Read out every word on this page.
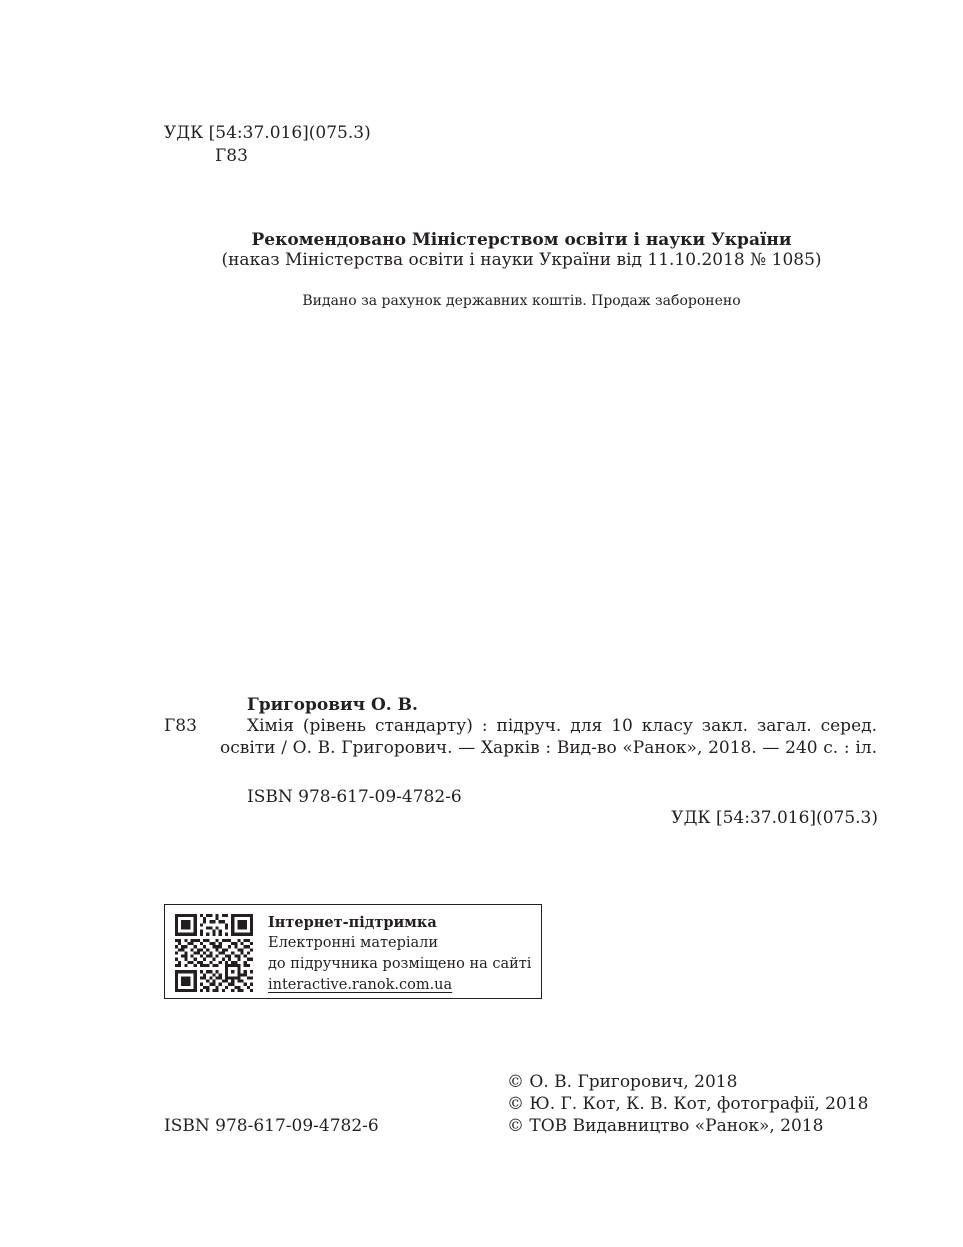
УДК [54:37.016](075.3)
Г83
Рекомендовано Міністерством освіти і науки України
(наказ Міністерства освіти і науки України від 11.10.2018 № 1085)
Видано за рахунок державних коштів. Продаж заборонено
Григорович О. В.
Г83	Хімія (рівень стандарту) : підруч. для 10 класу закл. загал. серед.
освіти / О. В. Григорович. — Харків : Вид-во «Ранок», 2018. — 240 с. : іл.
ISBN 978-617-09-4782-6
УДК [54:37.016](075.3)
Інтернет-підтримка
Електронні матеріали
до підручника розміщено на сайті
interactive.ranok.com.ua
ISBN 978-617-09-4782-6
© О. В. Григорович, 2018
© Ю. Г. Кот, К. В. Кот, фотографії, 2018
© ТОВ Видавництво «Ранок», 2018
